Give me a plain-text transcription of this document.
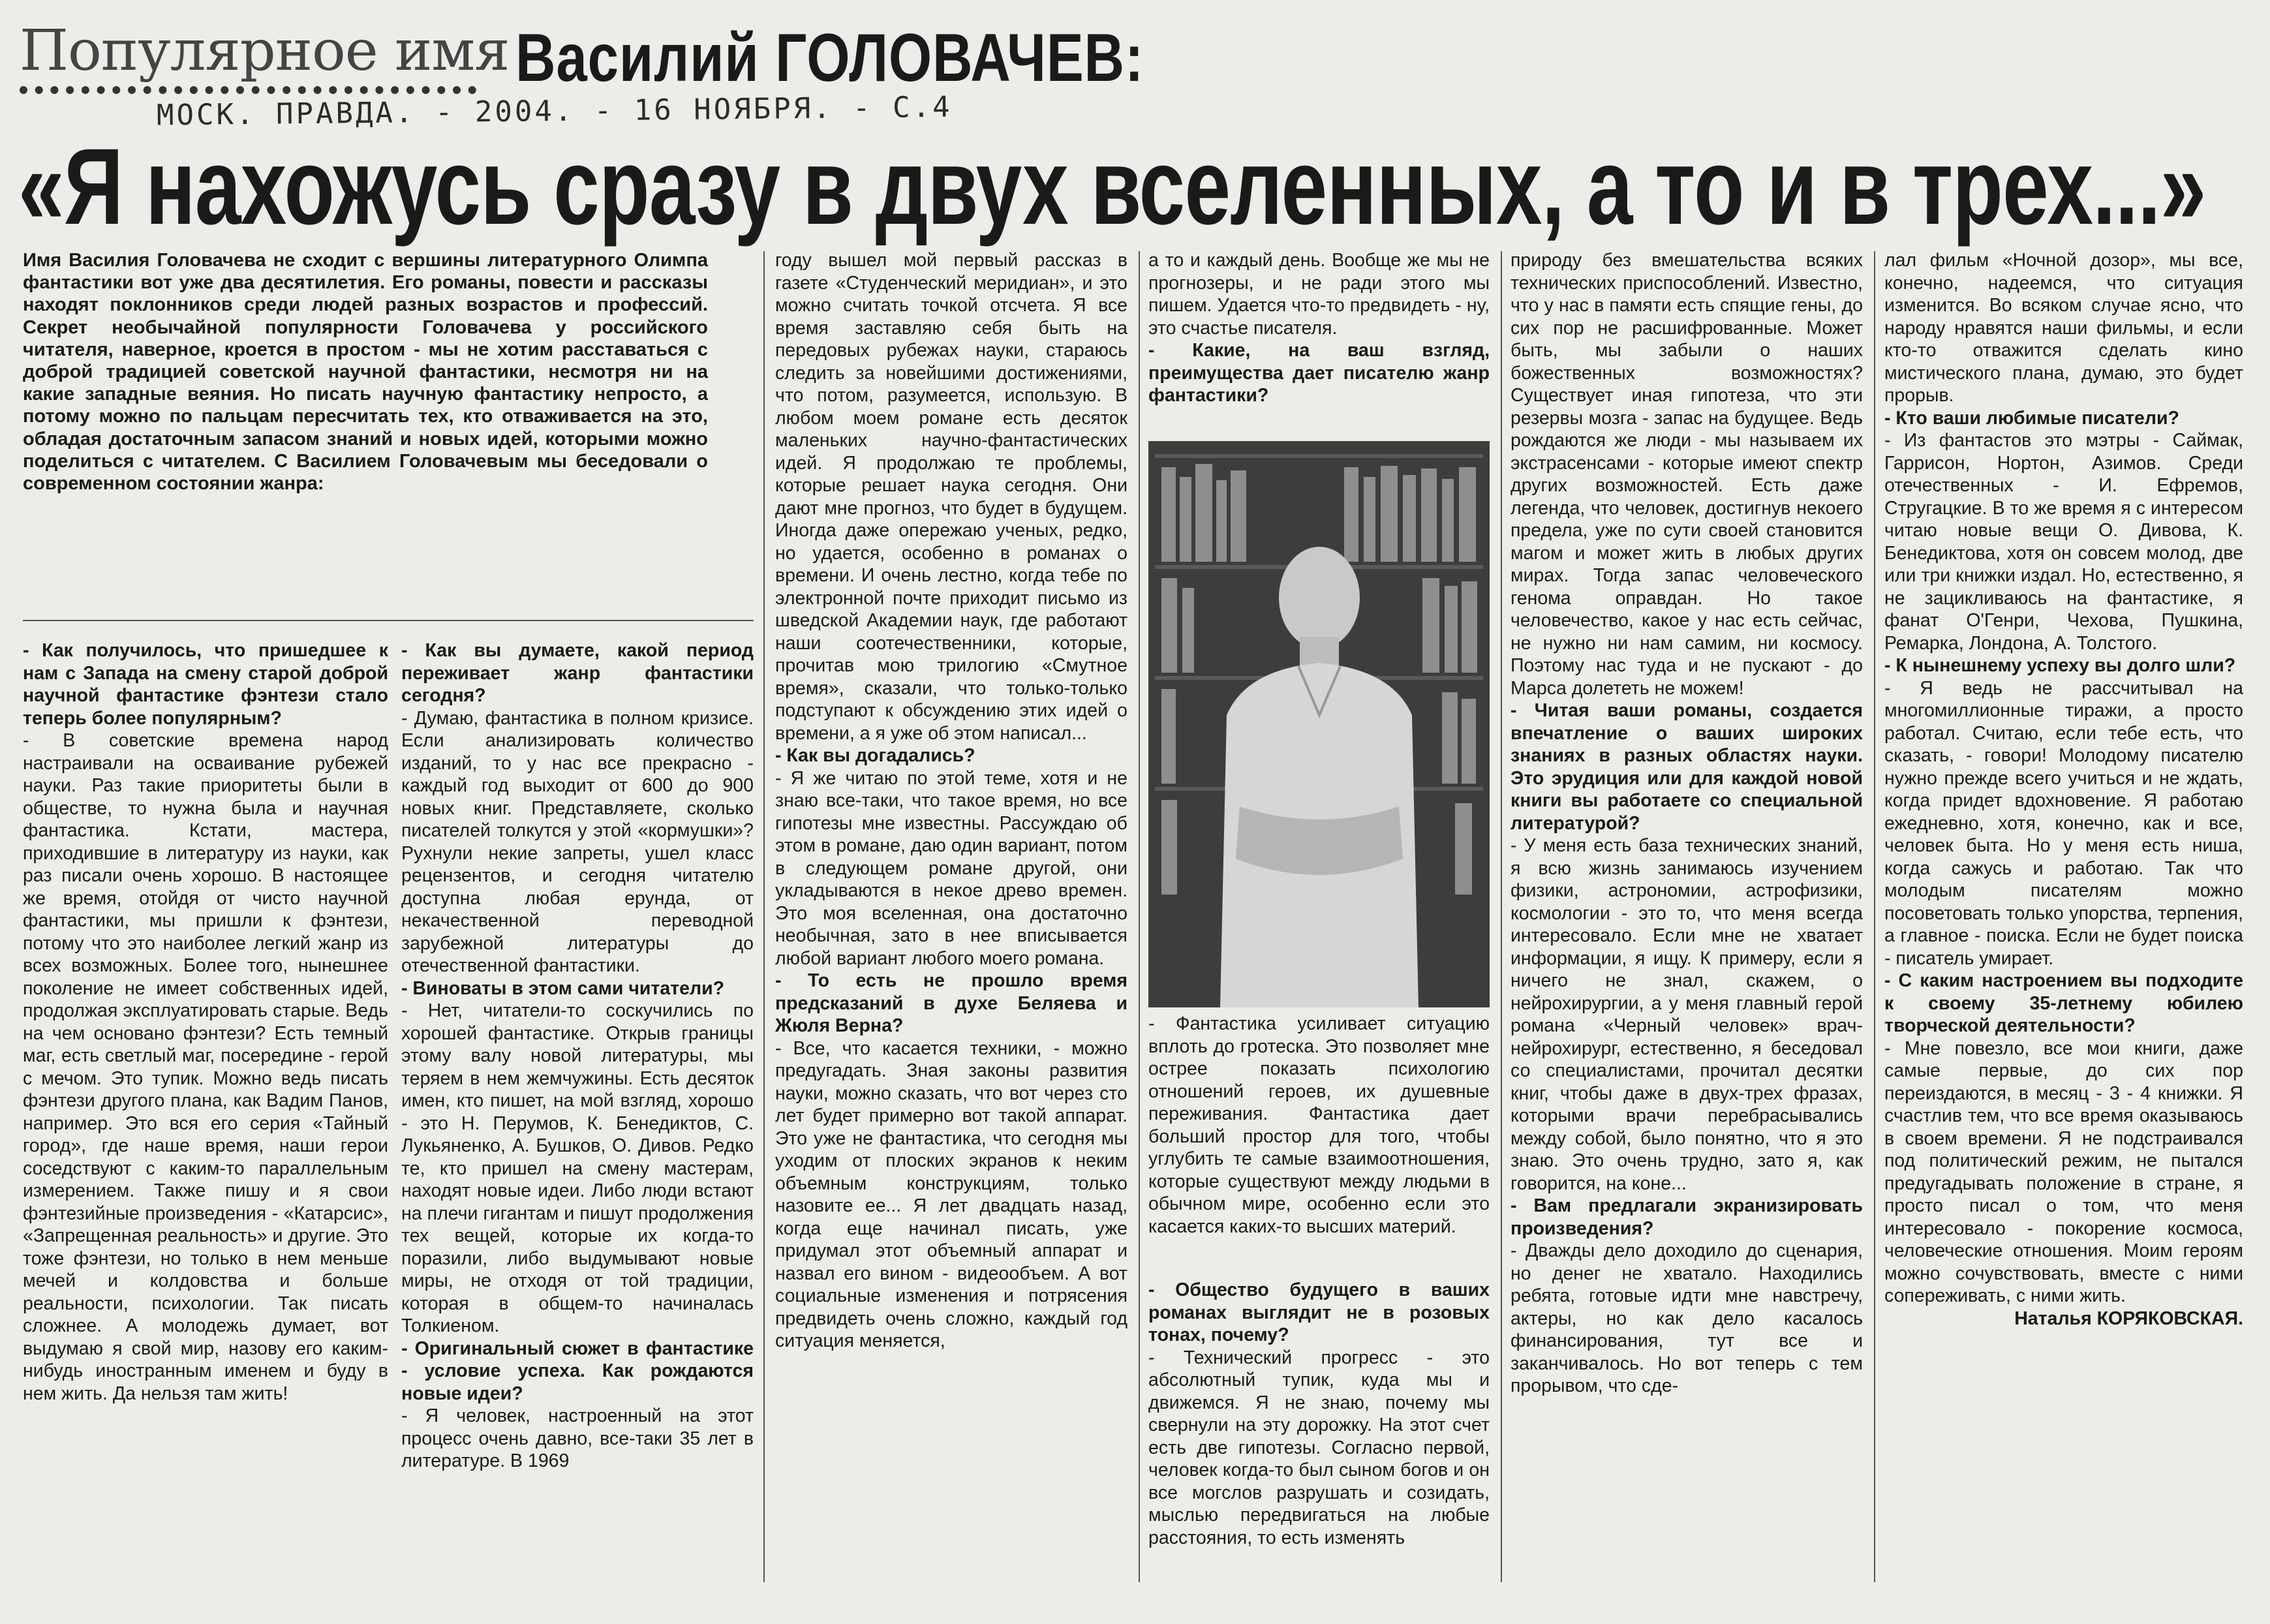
Популярное имя Василий ГОЛОВАЧЕВ:
МОСК. ПРАВДА. - 2004. - 16 НОЯБРЯ. - С.4
«Я нахожусь сразу в двух вселенных, а то и в трех...»

Имя Василия Головачева не сходит с вершины литературного Олимпа фантастики вот уже два десятилетия. Его романы, повести и рассказы находят поклонников среди людей разных возрастов и профессий. Секрет необычайной популярности Головачева у российского читателя, наверное, кроется в простом - мы не хотим расставаться с доброй традицией советской научной фантастики, несмотря ни на какие западные веяния. Но писать научную фантастику непросто, а потому можно по пальцам пересчитать тех, кто отваживается на это, обладая достаточным запасом знаний и новых идей, которыми можно поделиться с читателем. С Василием Головачевым мы беседовали о современном состоянии жанра:

- Как получилось, что пришедшее к нам с Запада на смену старой доброй научной фантастике фэнтези стало теперь более популярным?

- В советские времена народ настраивали на осваивание рубежей науки. Раз такие приоритеты были в обществе, то нужна была и научная фантастика. Кстати, мастера, приходившие в литературу из науки, как раз писали очень хорошо. В настоящее же время, отойдя от чисто научной фантастики, мы пришли к фэнтези, потому что это наиболее легкий жанр из всех возможных. Более того, нынешнее поколение не имеет собственных идей, продолжая эксплуатировать старые. Ведь на чем основано фэнтези? Есть темный маг, есть светлый маг, посередине - герой с мечом. Это тупик. Можно ведь писать фэнтези другого плана, как Вадим Панов, например. Это вся его серия «Тайный город», где наше время, наши герои соседствуют с каким-то параллельным измерением. Также пишу и я свои фэнтезийные произведения - «Катарсис», «Запрещенная реальность» и другие. Это тоже фэнтези, но только в нем меньше мечей и колдовства и больше реальности, психологии. Так писать сложнее. А молодежь думает, вот выдумаю я свой мир, назову его каким-нибудь иностранным именем и буду в нем жить. Да нельзя там жить!

- Как вы думаете, какой период переживает жанр фантастики сегодня?

- Думаю, фантастика в полном кризисе. Если анализировать количество изданий, то у нас все прекрасно - каждый год выходит от 600 до 900 новых книг. Представляете, сколько писателей толкутся у этой «кормушки»? Рухнули некие запреты, ушел класс рецензентов, и сегодня читателю доступна любая ерунда, от некачественной переводной зарубежной литературы до отечественной фантастики.

- Виноваты в этом сами читатели?

- Нет, читатели-то соскучились по хорошей фантастике. Открыв границы этому валу новой литературы, мы теряем в нем жемчужины. Есть десяток имен, кто пишет, на мой взгляд, хорошо - это Н. Перумов, К. Бенедиктов, С. Лукьяненко, А. Бушков, О. Дивов. Редко те, кто пришел на смену мастерам, находят новые идеи. Либо люди встают на плечи гигантам и пишут продолжения тех вещей, которые их когда-то поразили, либо выдумывают новые миры, не отходя от той традиции, которая в общем-то начиналась Толкиеном.

- Оригинальный сюжет в фантастике - условие успеха. Как рождаются новые идеи?

- Я человек, настроенный на этот процесс очень давно, все-таки 35 лет в литературе. В 1969

году вышел мой первый рассказ в газете «Студенческий меридиан», и это можно считать точкой отсчета. Я все время заставляю себя быть на передовых рубежах науки, стараюсь следить за новейшими достижениями, что потом, разумеется, использую. В любом моем романе есть десяток маленьких научно-фантастических идей. Я продолжаю те проблемы, которые решает наука сегодня. Они дают мне прогноз, что будет в будущем. Иногда даже опережаю ученых, редко, но удается, особенно в романах о времени. И очень лестно, когда тебе по электронной почте приходит письмо из шведской Академии наук, где работают наши соотечественники, которые, прочитав мою трилогию «Смутное время», сказали, что только-только подступают к обсуждению этих идей о времени, а я уже об этом написал...

- Как вы догадались?

- Я же читаю по этой теме, хотя и не знаю все-таки, что такое время, но все гипотезы мне известны. Рассуждаю об этом в романе, даю один вариант, потом в следующем романе другой, они укладываются в некое древо времен. Это моя вселенная, она достаточно необычная, зато в нее вписывается любой вариант любого моего романа.

- То есть не прошло время предсказаний в духе Беляева и Жюля Верна?

- Все, что касается техники, - можно предугадать. Зная законы развития науки, можно сказать, что вот через сто лет будет примерно вот такой аппарат. Это уже не фантастика, что сегодня мы уходим от плоских экранов к неким объемным конструкциям, только назовите ее... Я лет двадцать назад, когда еще начинал писать, уже придумал этот объемный аппарат и назвал его вином - видеообъем. А вот социальные изменения и потрясения предвидеть очень сложно, каждый год ситуация меняется,

а то и каждый день. Вообще же мы не прогнозеры, и не ради этого мы пишем. Удается что-то предвидеть - ну, это счастье писателя.

- Какие, на ваш взгляд, преимущества дает писателю жанр фантастики?

- Фантастика усиливает ситуацию вплоть до гротеска. Это позволяет мне острее показать психологию отношений героев, их душевные переживания. Фантастика дает больший простор для того, чтобы углубить те самые взаимоотношения, которые существуют между людьми в обычном мире, особенно если это касается каких-то высших материй.

- Общество будущего в ваших романах выглядит не в розовых тонах, почему?

- Технический прогресс - это абсолютный тупик, куда мы и движемся. Я не знаю, почему мы свернули на эту дорожку. На этот счет есть две гипотезы. Согласно первой, человек когда-то был сыном богов и он все могслов разрушать и созидать, мыслью передвигаться на любые расстояния, то есть изменять

природу без вмешательства всяких технических приспособлений. Известно, что у нас в памяти есть спящие гены, до сих пор не расшифрованные. Может быть, мы забыли о наших божественных возможностях? Существует иная гипотеза, что эти резервы мозга - запас на будущее. Ведь рождаются же люди - мы называем их экстрасенсами - которые имеют спектр других возможностей. Есть даже легенда, что человек, достигнув некоего предела, уже по сути своей становится магом и может жить в любых других мирах. Тогда запас человеческого генома оправдан. Но такое человечество, какое у нас есть сейчас, не нужно ни нам самим, ни космосу. Поэтому нас туда и не пускают - до Марса долететь не можем!

- Читая ваши романы, создается впечатление о ваших широких знаниях в разных областях науки. Это эрудиция или для каждой новой книги вы работаете со специальной литературой?

- У меня есть база технических знаний, я всю жизнь занимаюсь изучением физики, астрономии, астрофизики, космологии - это то, что меня всегда интересовало. Если мне не хватает информации, я ищу. К примеру, если я ничего не знал, скажем, о нейрохирургии, а у меня главный герой романа «Черный человек» врач-нейрохирург, естественно, я беседовал со специалистами, прочитал десятки книг, чтобы даже в двух-трех фразах, которыми врачи перебрасывались между собой, было понятно, что я это знаю. Это очень трудно, зато я, как говорится, на коне...

- Вам предлагали экранизировать произведения?

- Дважды дело доходило до сценария, но денег не хватало. Находились ребята, готовые идти мне навстречу, актеры, но как дело касалось финансирования, тут все и заканчивалось. Но вот теперь с тем прорывом, что сде-

лал фильм «Ночной дозор», мы все, конечно, надеемся, что ситуация изменится. Во всяком случае ясно, что народу нравятся наши фильмы, и если кто-то отважится сделать кино мистического плана, думаю, это будет прорыв.

- Кто ваши любимые писатели?

- Из фантастов это мэтры - Саймак, Гаррисон, Нортон, Азимов. Среди отечественных - И. Ефремов, Стругацкие. В то же время я с интересом читаю новые вещи О. Дивова, К. Бенедиктова, хотя он совсем молод, две или три книжки издал. Но, естественно, я не зацикливаюсь на фантастике, я фанат О'Генри, Чехова, Пушкина, Ремарка, Лондона, А. Толстого.

- К нынешнему успеху вы долго шли?

- Я ведь не рассчитывал на многомиллионные тиражи, а просто работал. Считаю, если тебе есть, что сказать, - говори! Молодому писателю нужно прежде всего учиться и не ждать, когда придет вдохновение. Я работаю ежедневно, хотя, конечно, как и все, человек быта. Но у меня есть ниша, когда сажусь и работаю. Так что молодым писателям можно посоветовать только упорства, терпения, а главное - поиска. Если не будет поиска - писатель умирает.

- С каким настроением вы подходите к своему 35-летнему юбилею творческой деятельности?

- Мне повезло, все мои книги, даже самые первые, до сих пор переиздаются, в месяц - 3 - 4 книжки. Я счастлив тем, что все время оказываюсь в своем времени. Я не подстраивался под политический режим, не пытался предугадывать положение в стране, я просто писал о том, что меня интересовало - покорение космоса, человеческие отношения. Моим героям можно сочувствовать, вместе с ними сопереживать, с ними жить.

Наталья КОРЯКОВСКАЯ.
